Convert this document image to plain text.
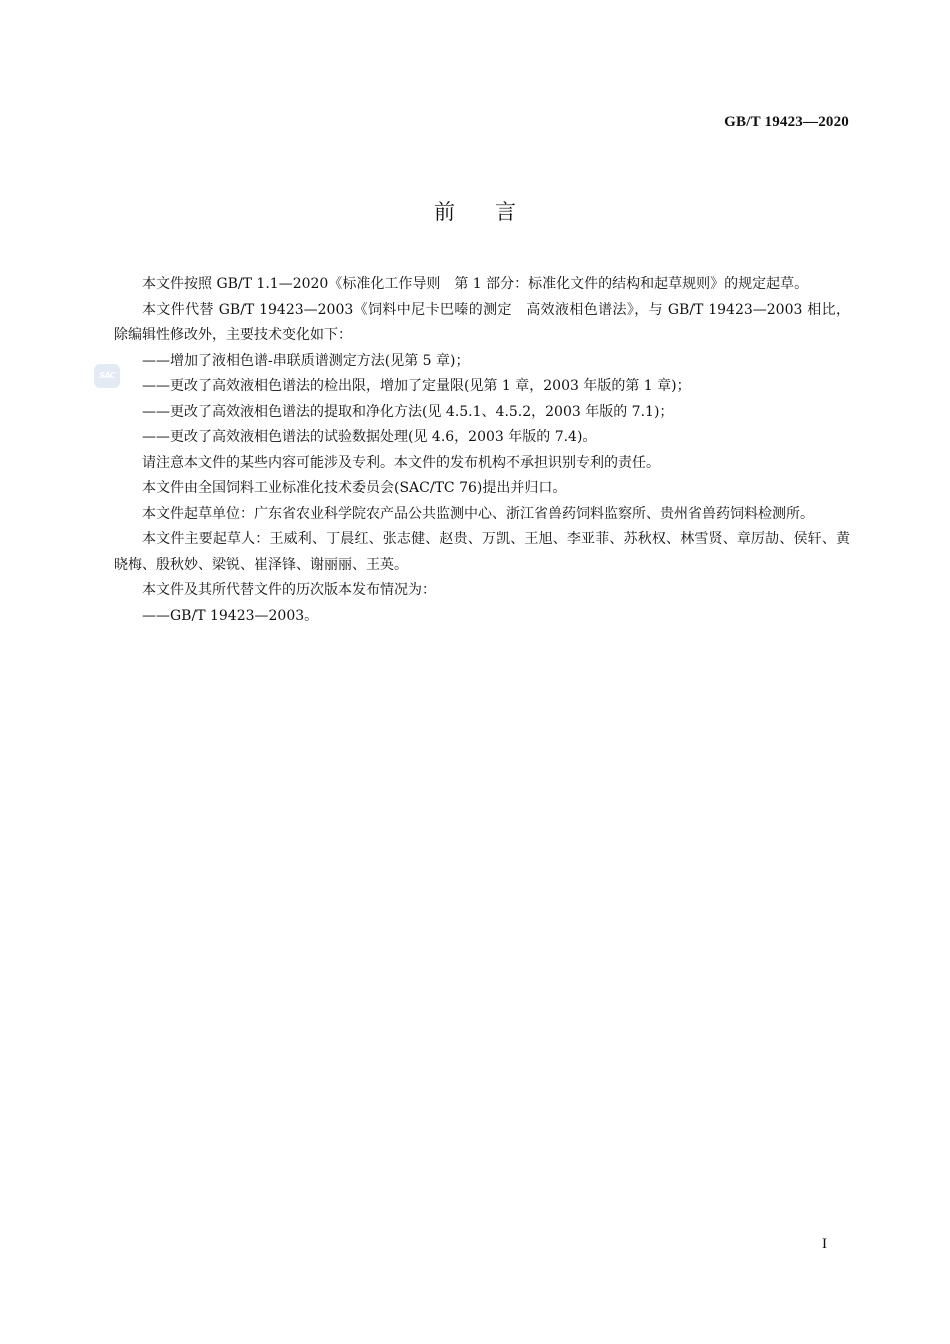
GB/T 19423—2020
前言
SAC

本文件按照 GB/T 1.1—2020《标准化工作导则　第 1 部分：标准化文件的结构和起草规则》的规定起草。

本文件代替 GB/T 19423—2003《饲料中尼卡巴嗪的测定　高效液相色谱法》，与 GB/T 19423—2003 相比，除编辑性修改外，主要技术变化如下：

——增加了液相色谱-串联质谱测定方法(见第 5 章)；

——更改了高效液相色谱法的检出限，增加了定量限(见第 1 章，2003 年版的第 1 章)；

——更改了高效液相色谱法的提取和净化方法(见 4.5.1、4.5.2，2003 年版的 7.1)；

——更改了高效液相色谱法的试验数据处理(见 4.6，2003 年版的 7.4)。

请注意本文件的某些内容可能涉及专利。本文件的发布机构不承担识别专利的责任。

本文件由全国饲料工业标准化技术委员会(SAC/TC 76)提出并归口。

本文件起草单位：广东省农业科学院农产品公共监测中心、浙江省兽药饲料监察所、贵州省兽药饲料检测所。

本文件主要起草人：王威利、丁晨红、张志健、赵贵、万凯、王旭、李亚菲、苏秋权、林雪贤、章厉劼、侯轩、黄晓梅、殷秋妙、梁锐、崔泽锋、谢丽丽、王英。

本文件及其所代替文件的历次版本发布情况为：

——GB/T 19423—2003。

I
